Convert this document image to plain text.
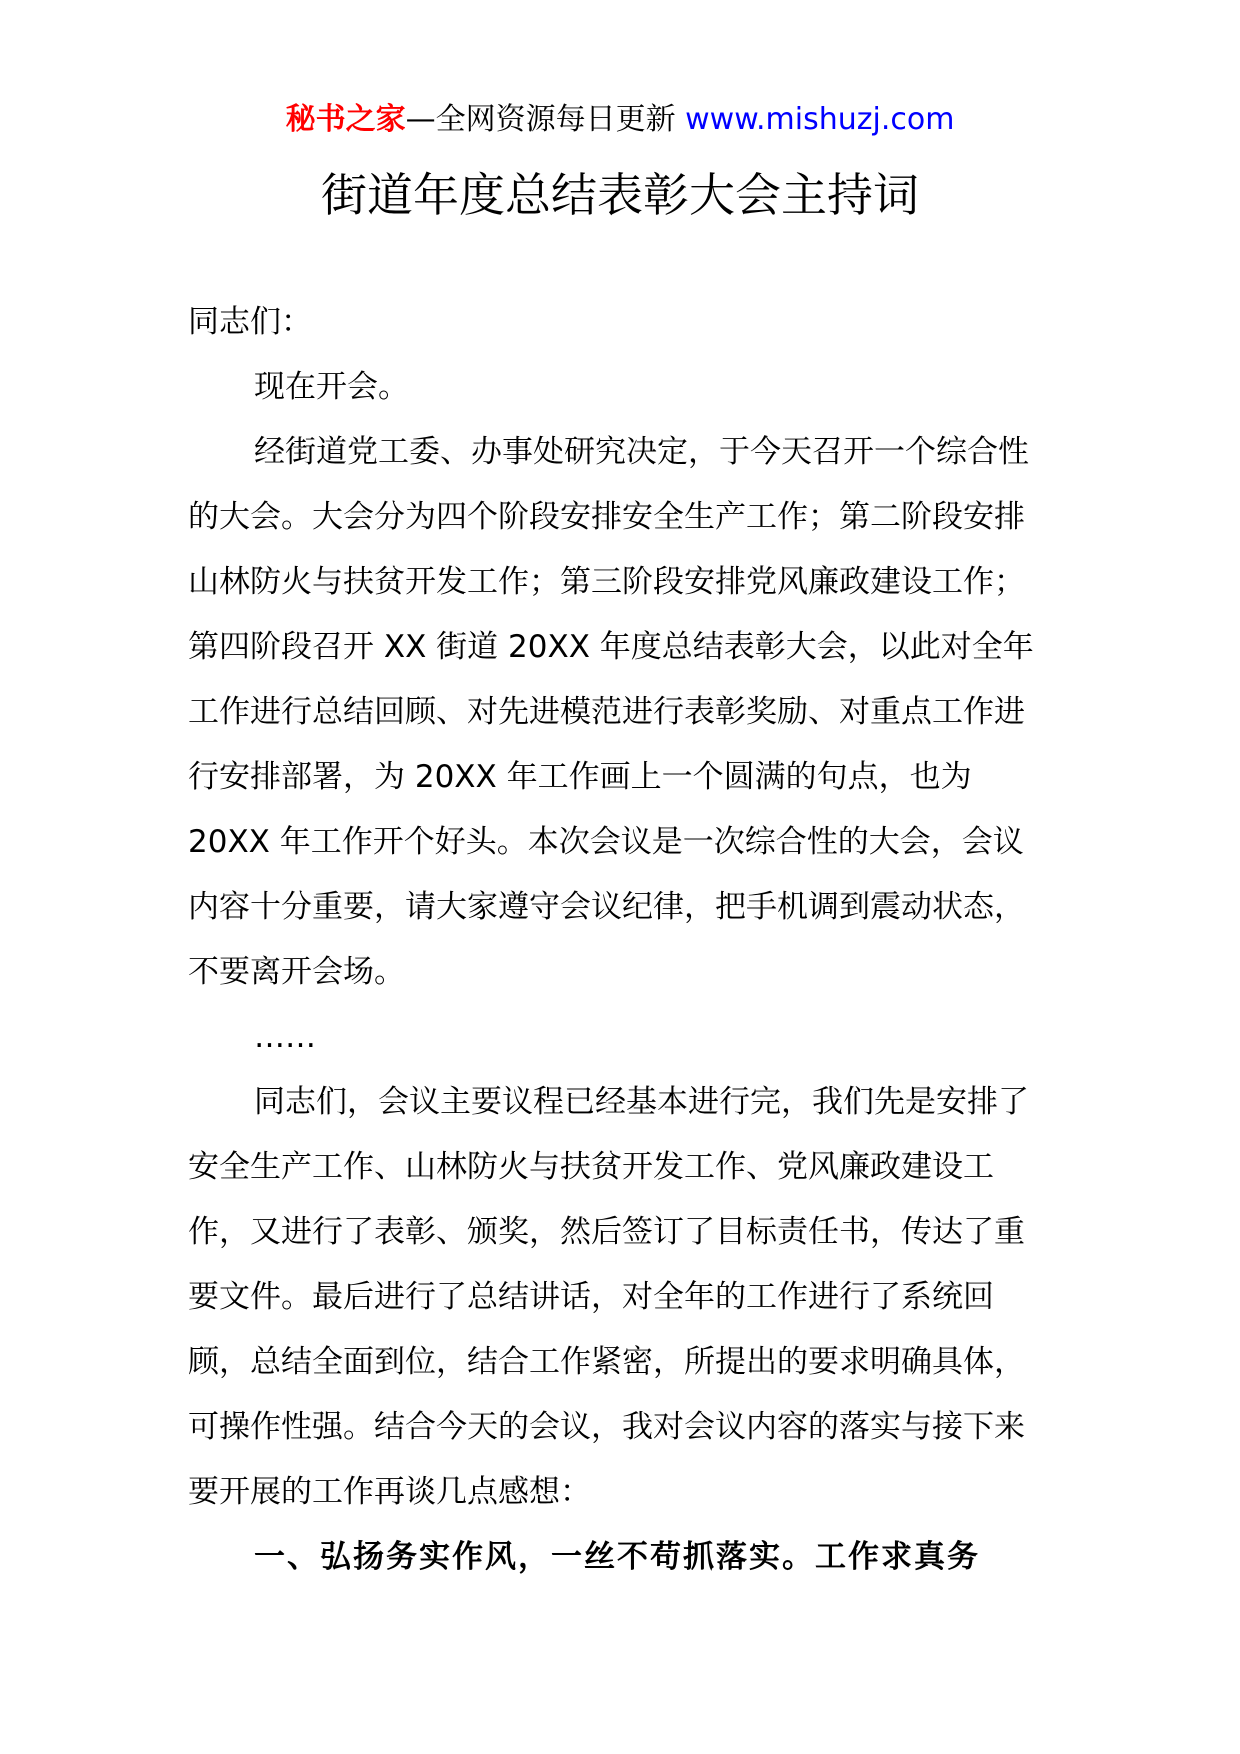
秘书之家—全网资源每日更新 www.mishuzj.com
街道年度总结表彰大会主持词

同志们：

现在开会。

经街道党工委、办事处研究决定，于今天召开一个综合性的大会。大会分为四个阶段安排安全生产工作；第二阶段安排山林防火与扶贫开发工作；第三阶段安排党风廉政建设工作；第四阶段召开 XX 街道 20XX 年度总结表彰大会，以此对全年工作进行总结回顾、对先进模范进行表彰奖励、对重点工作进行安排部署，为 20XX 年工作画上一个圆满的句点，也为 20XX 年工作开个好头。本次会议是一次综合性的大会，会议内容十分重要，请大家遵守会议纪律，把手机调到震动状态，不要离开会场。

……

同志们，会议主要议程已经基本进行完，我们先是安排了安全生产工作、山林防火与扶贫开发工作、党风廉政建设工作，又进行了表彰、颁奖，然后签订了目标责任书，传达了重要文件。最后进行了总结讲话，对全年的工作进行了系统回顾，总结全面到位，结合工作紧密，所提出的要求明确具体，可操作性强。结合今天的会议，我对会议内容的落实与接下来要开展的工作再谈几点感想：

一、弘扬务实作风，一丝不苟抓落实。工作求真务
